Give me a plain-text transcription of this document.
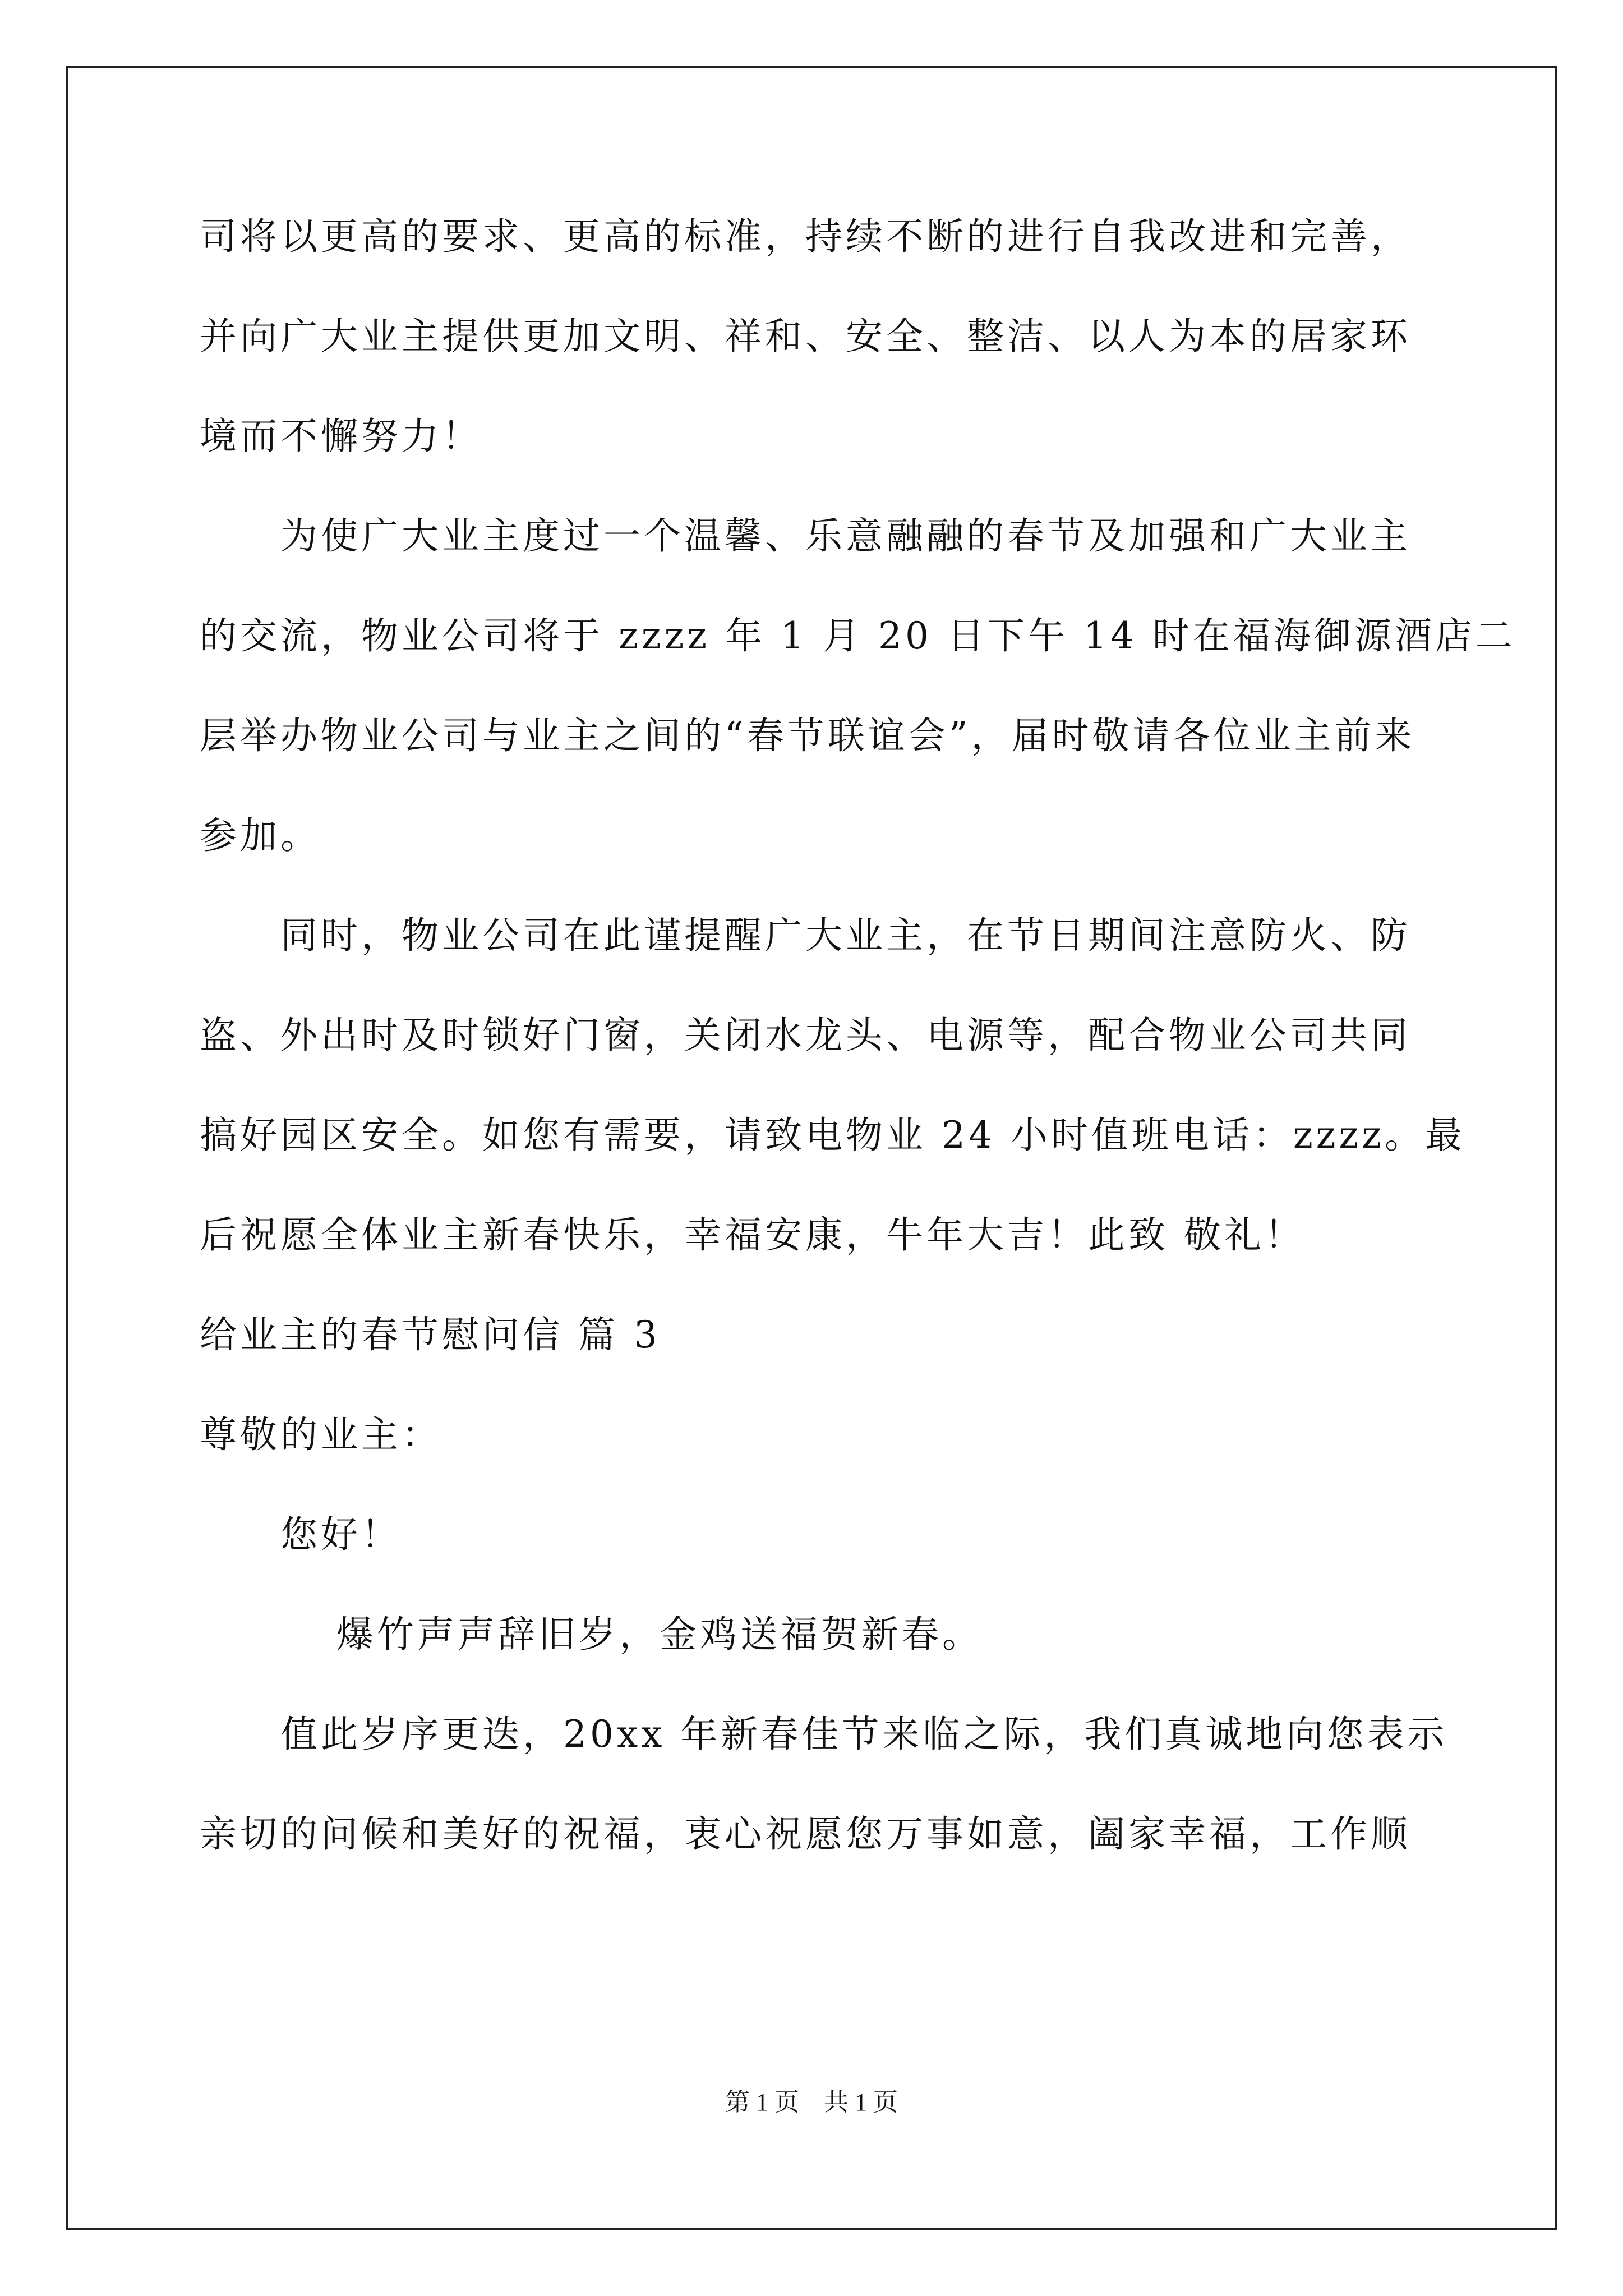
司将以更高的要求、更高的标准，持续不断的进行自我改进和完善，
并向广大业主提供更加文明、祥和、安全、整洁、以人为本的居家环
境而不懈努力！
为使广大业主度过一个温馨、乐意融融的春节及加强和广大业主
的交流，物业公司将于 zzzz 年 1 月 20 日下午 14 时在福海御源酒店二
层举办物业公司与业主之间的“春节联谊会”，届时敬请各位业主前来
参加。
同时，物业公司在此谨提醒广大业主，在节日期间注意防火、防
盗、外出时及时锁好门窗，关闭水龙头、电源等，配合物业公司共同
搞好园区安全。如您有需要，请致电物业 24 小时值班电话：zzzz。最
后祝愿全体业主新春快乐，幸福安康，牛年大吉！此致 敬礼！
给业主的春节慰问信 篇 3
尊敬的业主：
您好！
爆竹声声辞旧岁，金鸡送福贺新春。
值此岁序更迭，20xx 年新春佳节来临之际，我们真诚地向您表示
亲切的问候和美好的祝福，衷心祝愿您万事如意，阖家幸福，工作顺
第 1 页　共 1 页
